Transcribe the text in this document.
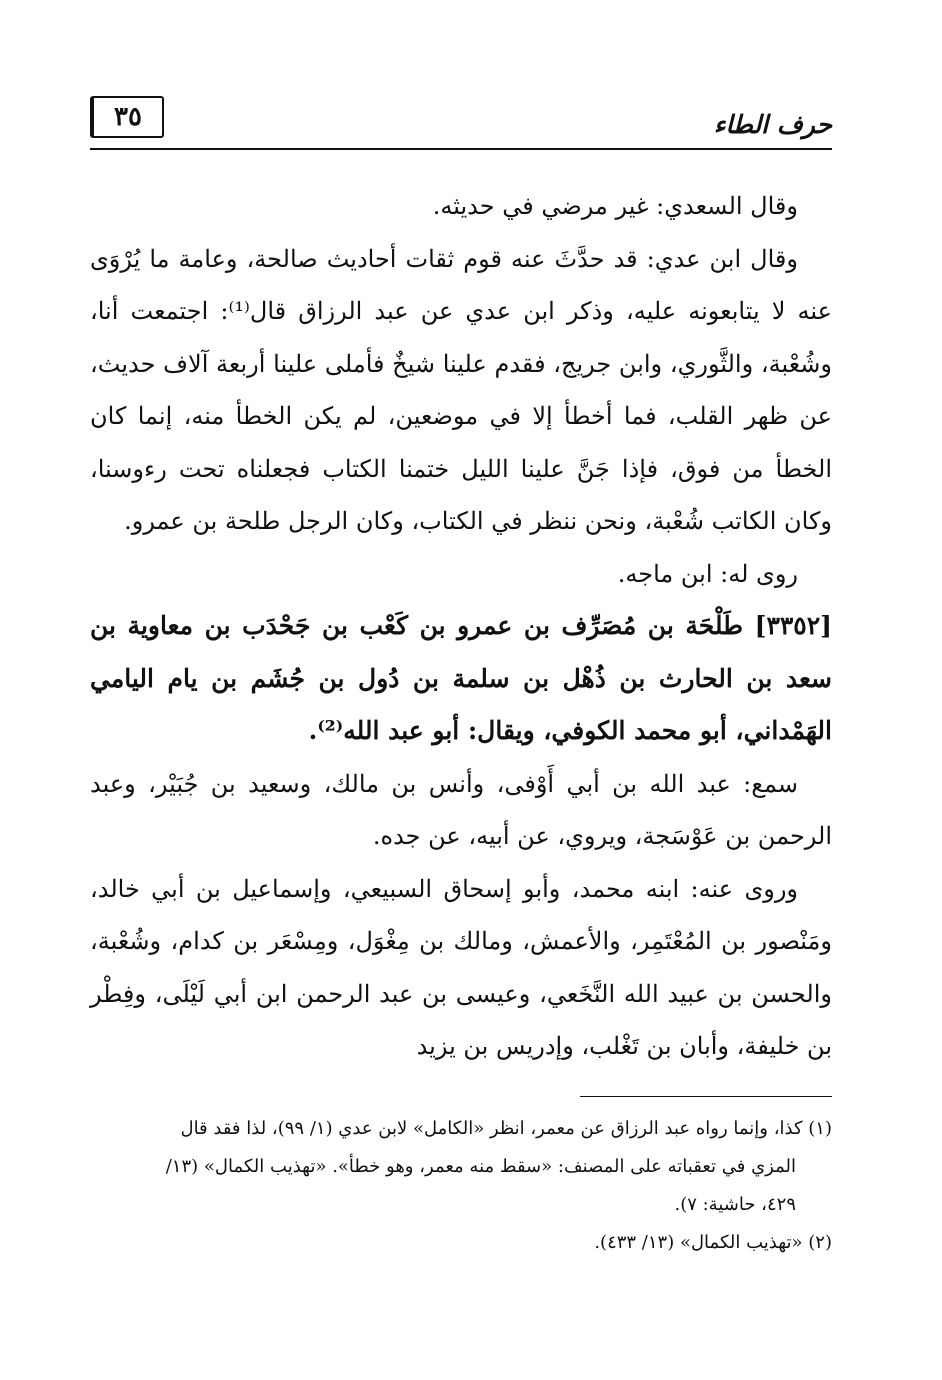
حرف الطاء
٣٥

وقال السعدي: غير مرضي في حديثه.

وقال ابن عدي: قد حدَّثَ عنه قوم ثقات أحاديث صالحة، وعامة ما يُرْوَى عنه لا يتابعونه عليه، وذكر ابن عدي عن عبد الرزاق قال⁽¹⁾: اجتمعت أنا، وشُعْبة، والثَّوري، وابن جريج، فقدم علينا شيخٌ فأملى علينا أربعة آلاف حديث، عن ظهر القلب، فما أخطأ إلا في موضعين، لم يكن الخطأ منه، إنما كان الخطأ من فوق، فإذا جَنَّ علينا الليل ختمنا الكتاب فجعلناه تحت رءوسنا، وكان الكاتب شُعْبة، ونحن ننظر في الكتاب، وكان الرجل طلحة بن عمرو.

روى له: ابن ماجه.

[٣٣٥٢] طَلْحَة بن مُصَرِّف بن عمرو بن كَعْب بن جَحْدَب بن معاوية بن سعد بن الحارث بن ذُهْل بن سلمة بن دُول بن جُشَم بن يام اليامي الهَمْداني، أبو محمد الكوفي، ويقال: أبو عبد الله⁽²⁾.

سمع: عبد الله بن أبي أَوْفى، وأنس بن مالك، وسعيد بن جُبَيْر، وعبد الرحمن بن عَوْسَجة، ويروي، عن أبيه، عن جده.

وروى عنه: ابنه محمد، وأبو إسحاق السبيعي، وإسماعيل بن أبي خالد، ومَنْصور بن المُعْتَمِر، والأعمش، ومالك بن مِغْوَل، ومِسْعَر بن كدام، وشُعْبة، والحسن بن عبيد الله النَّخَعي، وعيسى بن عبد الرحمن ابن أبي لَيْلَى، وفِطْر بن خليفة، وأبان بن تَغْلب، وإدريس بن يزيد

(١) كذا، وإنما رواه عبد الرزاق عن معمر، انظر «الكامل» لابن عدي (١/ ٩٩)، لذا فقد قال

المزي في تعقباته على المصنف: «سقط منه معمر، وهو خطأ». «تهذيب الكمال» (١٣/

٤٢٩، حاشية: ٧).

(٢) «تهذيب الكمال» (١٣/ ٤٣٣).
